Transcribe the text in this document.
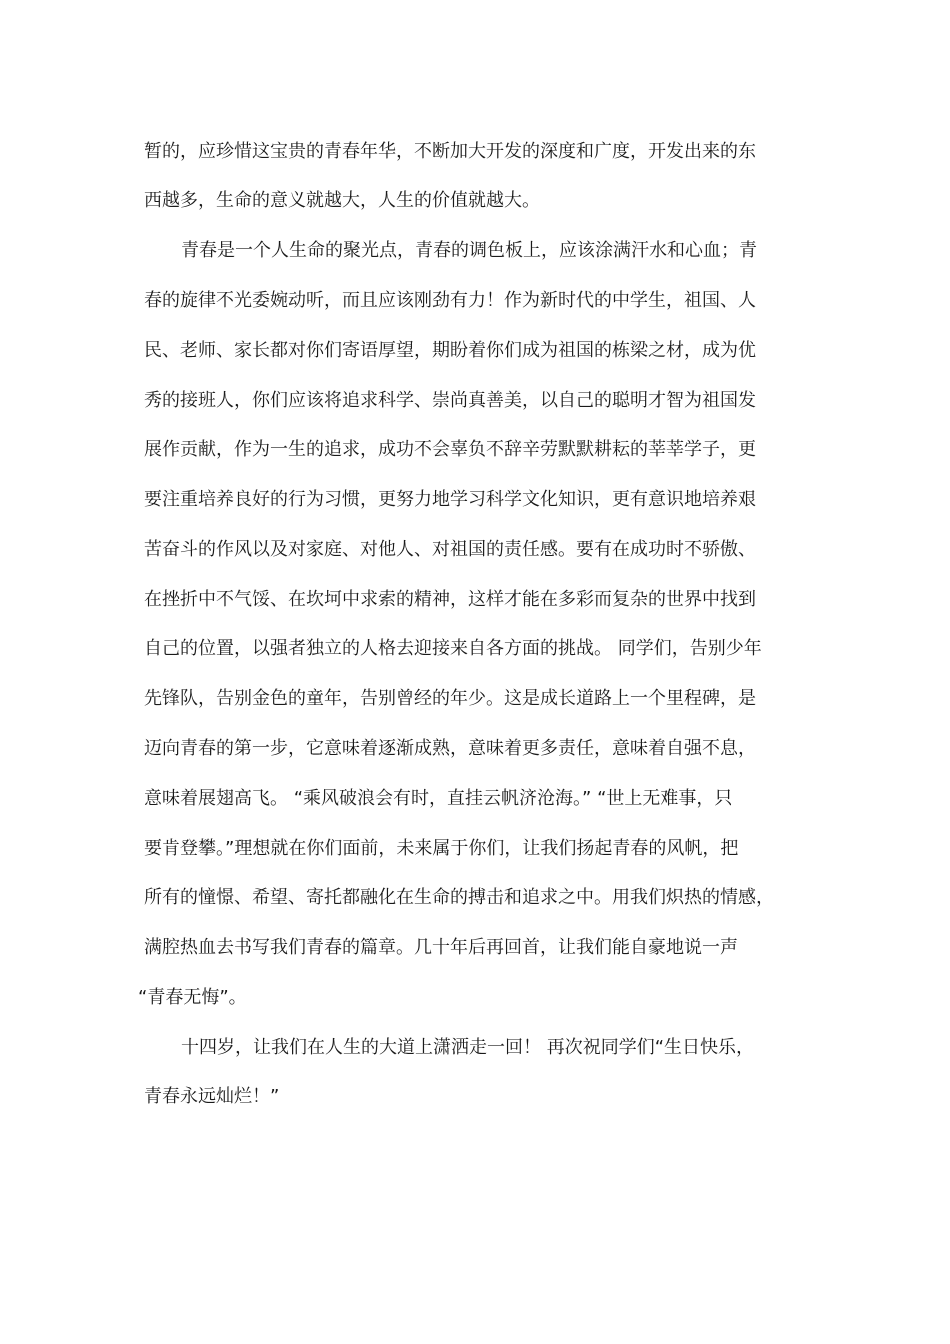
暂的，应珍惜这宝贵的青春年华，不断加大开发的深度和广度，开发出来的东

西越多，生命的意义就越大，人生的价值就越大。

青春是一个人生命的聚光点，青春的调色板上，应该涂满汗水和心血；青

春的旋律不光委婉动听，而且应该刚劲有力！作为新时代的中学生，祖国、人

民、老师、家长都对你们寄语厚望，期盼着你们成为祖国的栋梁之材，成为优

秀的接班人，你们应该将追求科学、崇尚真善美，以自己的聪明才智为祖国发

展作贡献，作为一生的追求，成功不会辜负不辞辛劳默默耕耘的莘莘学子，更

要注重培养良好的行为习惯，更努力地学习科学文化知识，更有意识地培养艰

苦奋斗的作风以及对家庭、对他人、对祖国的责任感。要有在成功时不骄傲、

在挫折中不气馁、在坎坷中求索的精神，这样才能在多彩而复杂的世界中找到

自己的位置，以强者独立的人格去迎接来自各方面的挑战。 同学们，告别少年

先锋队，告别金色的童年，告别曾经的年少。这是成长道路上一个里程碑，是

迈向青春的第一步，它意味着逐渐成熟，意味着更多责任，意味着自强不息，

意味着展翅高飞。 “乘风破浪会有时，直挂云帆济沧海。” “世上无难事，只

要肯登攀。”理想就在你们面前，未来属于你们，让我们扬起青春的风帆，把

所有的憧憬、希望、寄托都融化在生命的搏击和追求之中。用我们炽热的情感，

满腔热血去书写我们青春的篇章。几十年后再回首，让我们能自豪地说一声

“青春无悔”。

十四岁，让我们在人生的大道上潇洒走一回！ 再次祝同学们“生日快乐，

青春永远灿烂！”
